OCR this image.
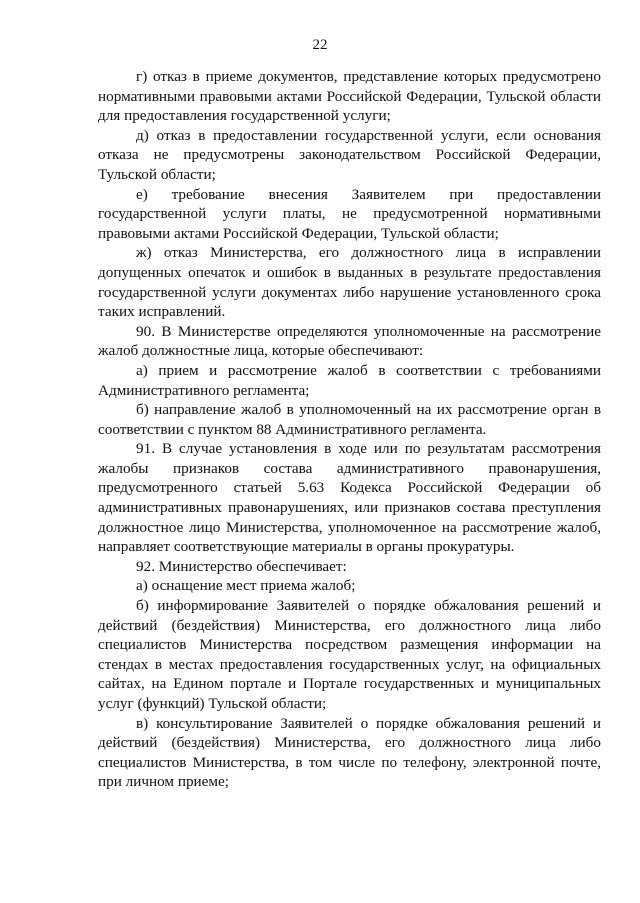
22

г) отказ в приеме документов, представление которых предусмотрено нормативными правовыми актами Российской Федерации, Тульской области для предоставления государственной услуги;

д) отказ в предоставлении государственной услуги, если основания отказа не предусмотрены законодательством Российской Федерации, Тульской области;

е) требование внесения Заявителем при предоставлении государственной услуги платы, не предусмотренной нормативными правовыми актами Российской Федерации, Тульской области;

ж) отказ Министерства, его должностного лица в исправлении допущенных опечаток и ошибок в выданных в результате предоставления государственной услуги документах либо нарушение установленного срока таких исправлений.

90. В Министерстве определяются уполномоченные на рассмотрение жалоб должностные лица, которые обеспечивают:

а) прием и рассмотрение жалоб в соответствии с требованиями Административного регламента;

б) направление жалоб в уполномоченный на их рассмотрение орган в соответствии с пунктом 88 Административного регламента.

91. В случае установления в ходе или по результатам рассмотрения жалобы признаков состава административного правонарушения, предусмотренного статьей 5.63 Кодекса Российской Федерации об административных правонарушениях, или признаков состава преступления должностное лицо Министерства, уполномоченное на рассмотрение жалоб, направляет соответствующие материалы в органы прокуратуры.

92. Министерство обеспечивает:

а) оснащение мест приема жалоб;

б) информирование Заявителей о порядке обжалования решений и действий (бездействия) Министерства, его должностного лица либо специалистов Министерства посредством размещения информации на стендах в местах предоставления государственных услуг, на официальных сайтах, на Едином портале и Портале государственных и муниципальных услуг (функций) Тульской области;

в) консультирование Заявителей о порядке обжалования решений и действий (бездействия) Министерства, его должностного лица либо специалистов Министерства, в том числе по телефону, электронной почте, при личном приеме;
